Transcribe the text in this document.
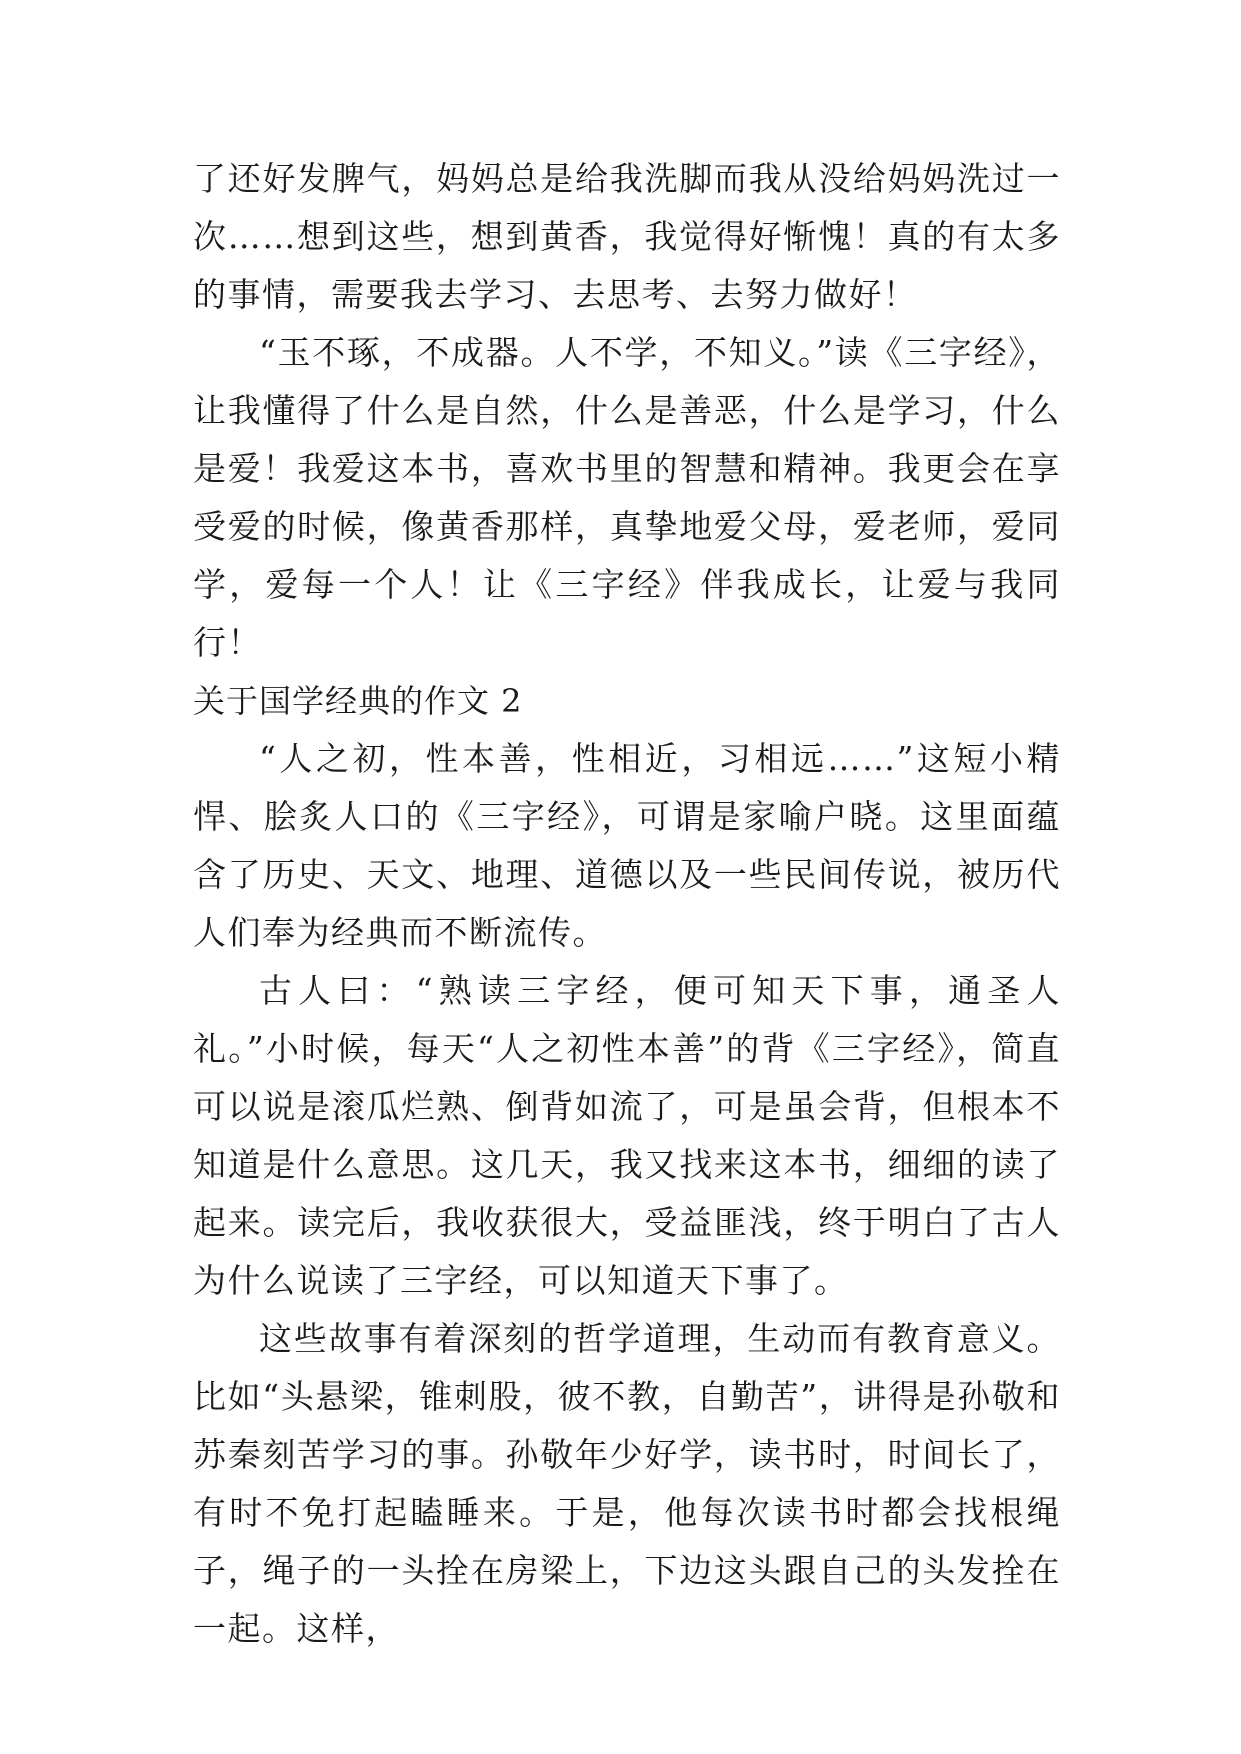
了还好发脾气，妈妈总是给我洗脚而我从没给妈妈洗过一次……想到这些，想到黄香，我觉得好惭愧！真的有太多的事情，需要我去学习、去思考、去努力做好！

“玉不琢，不成器。人不学，不知义。”读《三字经》，让我懂得了什么是自然，什么是善恶，什么是学习，什么是爱！我爱这本书，喜欢书里的智慧和精神。我更会在享受爱的时候，像黄香那样，真挚地爱父母，爱老师，爱同学，爱每一个人！让《三字经》伴我成长，让爱与我同行！

关于国学经典的作文 2

“人之初，性本善，性相近，习相远……”这短小精悍、脍炙人口的《三字经》，可谓是家喻户晓。这里面蕴含了历史、天文、地理、道德以及一些民间传说，被历代人们奉为经典而不断流传。

古人曰：“熟读三字经，便可知天下事，通圣人礼。”小时候，每天“人之初性本善”的背《三字经》，简直可以说是滚瓜烂熟、倒背如流了，可是虽会背，但根本不知道是什么意思。这几天，我又找来这本书，细细的读了起来。读完后，我收获很大，受益匪浅，终于明白了古人为什么说读了三字经，可以知道天下事了。

这些故事有着深刻的哲学道理，生动而有教育意义。比如“头悬梁，锥刺股，彼不教，自勤苦”，讲得是孙敬和苏秦刻苦学习的事。孙敬年少好学，读书时，时间长了，有时不免打起瞌睡来。于是，他每次读书时都会找根绳子，绳子的一头拴在房梁上，下边这头跟自己的头发拴在一起。这样，
